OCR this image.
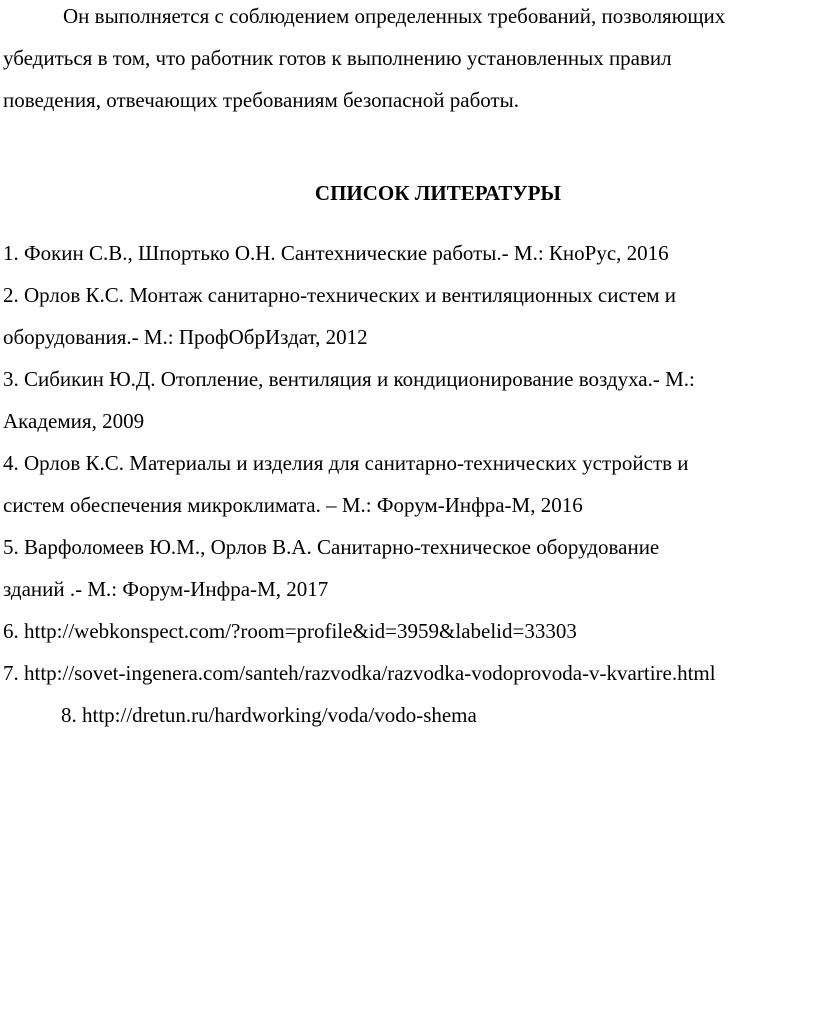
Он выполняется с соблюдением определенных требований, позволяющих
убедиться в том, что работник готов к выполнению установленных правил
поведения, отвечающих требованиям безопасной работы.

СПИСОК ЛИТЕРАТУРЫ
1. Фокин С.В., Шпортько О.Н. Сантехнические работы.- М.: КноРус, 2016
2. Орлов К.С. Монтаж санитарно-технических и вентиляционных систем и
оборудования.- М.: ПрофОбрИздат, 2012
3. Сибикин Ю.Д. Отопление, вентиляция и кондиционирование воздуха.- М.:
Академия, 2009
4. Орлов К.С. Материалы и изделия для санитарно-технических устройств и
систем обеспечения микроклимата. – М.: Форум-Инфра-М, 2016
5. Варфоломеев Ю.М., Орлов В.А. Санитарно-техническое оборудование
зданий .- М.: Форум-Инфра-М, 2017
6. http://webkonspect.com/?room=profile&id=3959&labelid=33303
7. http://sovet-ingenera.com/santeh/razvodka/razvodka-vodoprovoda-v-kvartire.html
8. http://dretun.ru/hardworking/voda/vodo-shema
